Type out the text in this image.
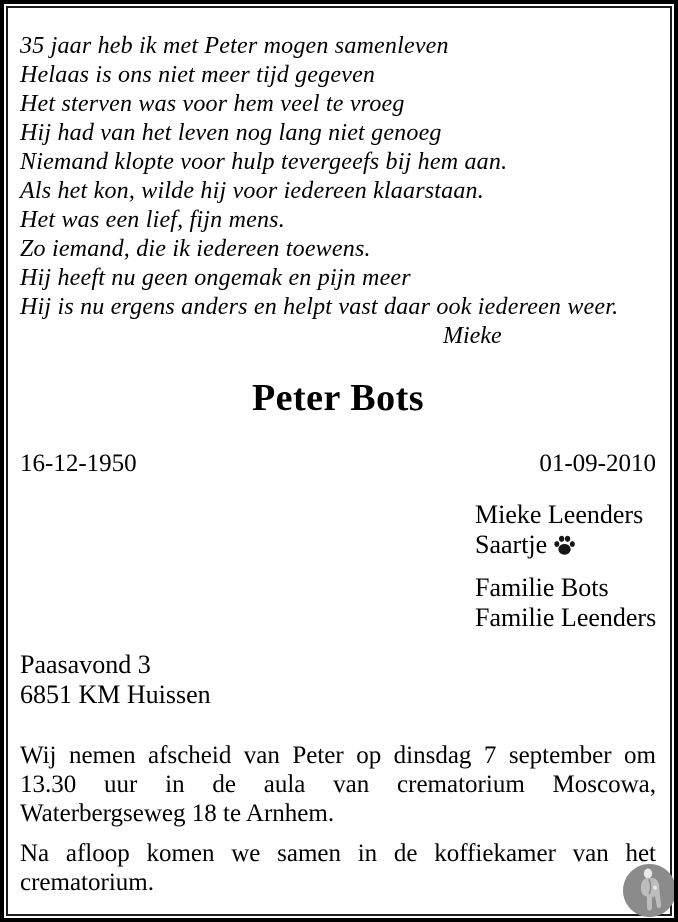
35 jaar heb ik met Peter mogen samenleven
Helaas is ons niet meer tijd gegeven
Het sterven was voor hem veel te vroeg
Hij had van het leven nog lang niet genoeg
Niemand klopte voor hulp tevergeefs bij hem aan.
Als het kon, wilde hij voor iedereen klaarstaan.
Het was een lief, fijn mens.
Zo iemand, die ik iedereen toewens.
Hij heeft nu geen ongemak en pijn meer
Hij is nu ergens anders en helpt vast daar ook iedereen weer.
Mieke
Peter Bots
16-12-1950	01-09-2010
Mieke Leenders
Saartje
Familie Bots
Familie Leenders
Paasavond 3
6851 KM Huissen
Wij nemen afscheid van Peter op dinsdag 7 september om
13.30 uur in de aula van crematorium Moscowa,
Waterbergseweg 18 te Arnhem.
Na afloop komen we samen in de koffiekamer van het
crematorium.
